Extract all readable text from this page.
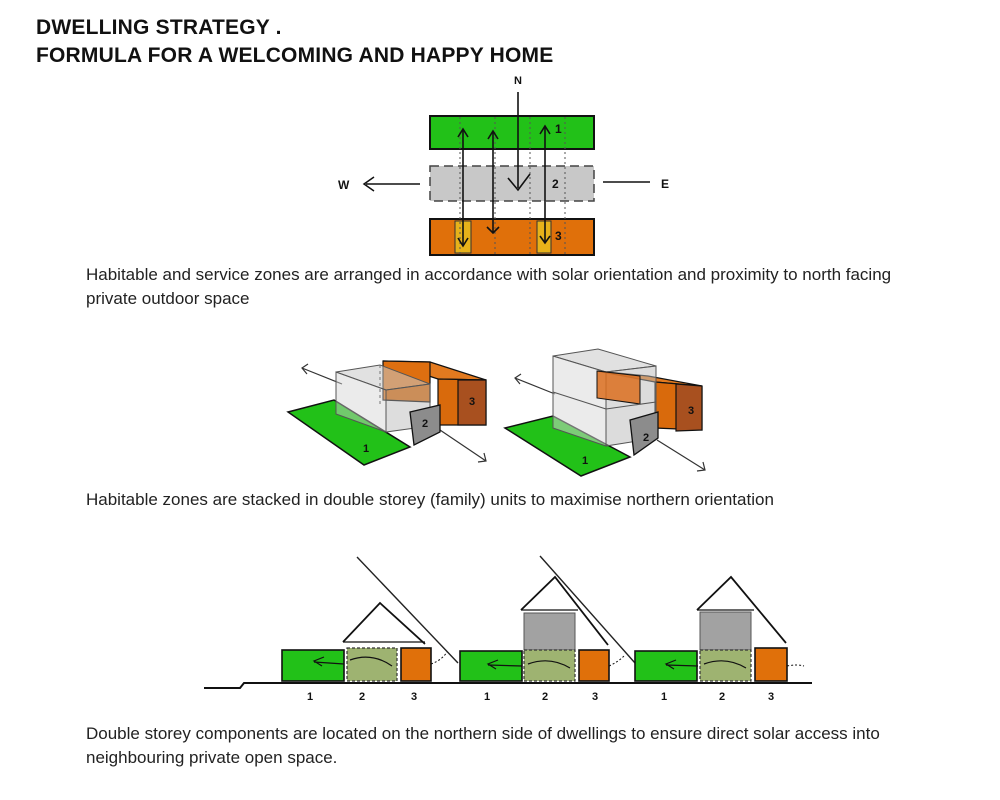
DWELLING STRATEGY .
FORMULA FOR A WELCOMING AND HAPPY HOME
N
1
2
3
W	E
1
2
3
1
2
3
1	2	3	1	2	3	1	2	3
Habitable and service zones are arranged in accordance with solar orientation and proximity to north facing private outdoor space
Habitable zones are stacked in double storey (family) units to maximise northern orientation
Double storey components are located on the northern side of dwellings to ensure direct solar access into neighbouring private open space.
